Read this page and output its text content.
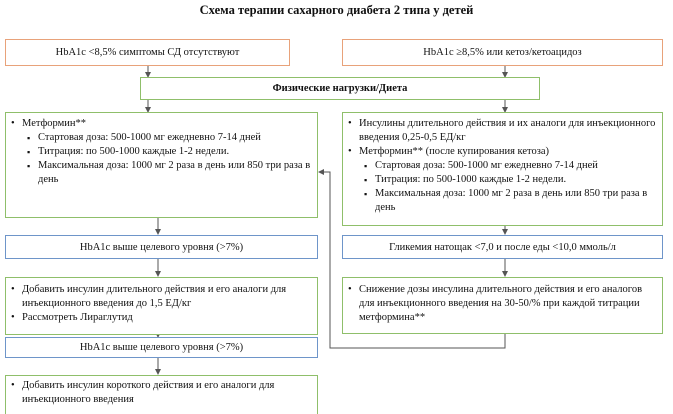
Схема терапии сахарного диабета 2 типа у детей
HbA1c <8,5% симптомы СД отсутствуют	HbA1c ≥8,5% или кетоз/кетоацидоз
Физические нагрузки/Диета
• Метформин**
▪ Стартовая доза: 500-1000 мг ежедневно 7-14 дней
▪ Титрация: по 500-1000 каждые 1-2 недели.
▪ Максимальная доза: 1000 мг 2 раза в день или 850 три раза в день
• Инсулины длительного действия и их аналоги для инъекционного введения 0,25-0,5 ЕД/кг
• Метформин** (после купирования кетоза)
▪ Стартовая доза: 500-1000 мг ежедневно 7-14 дней
▪ Титрация: по 500-1000 каждые 1-2 недели.
▪ Максимальная доза: 1000 мг 2 раза в день или 850 три раза в день
HbA1c выше целевого уровня (>7%)	Гликемия натощак <7,0 и после еды <10,0 ммоль/л
• Добавить инсулин длительного действия и его аналоги для инъекционного введения до 1,5 ЕД/кг
• Рассмотреть Лираглутид
• Снижение дозы инсулина длительного действия и его аналогов для инъекционного введения на 30-50/% при каждой титрации метформина**
HbA1c выше целевого уровня (>7%)
• Добавить инсулин короткого действия и его аналоги для инъекционного введения
